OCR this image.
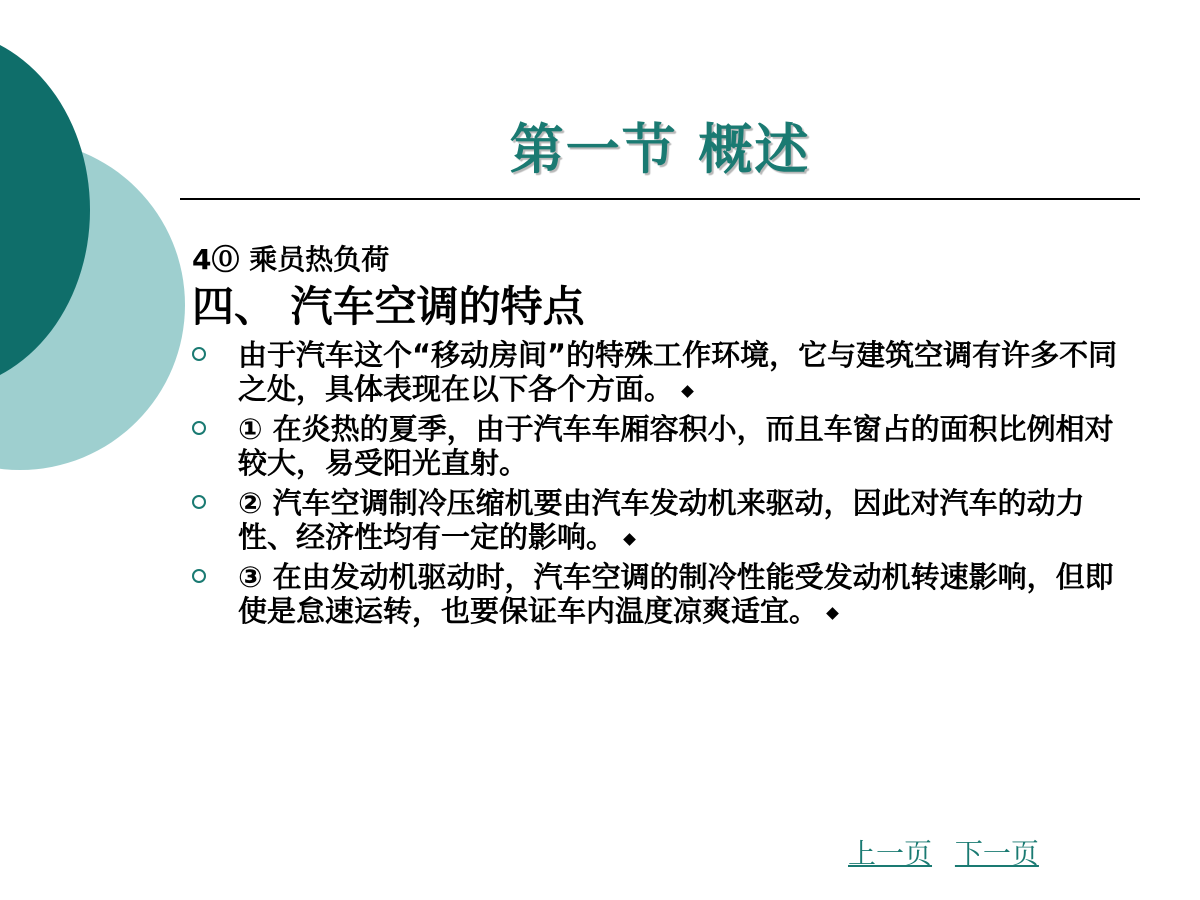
第一节 概述
4⓪ 乘员热负荷
四、 汽车空调的特点
由于汽车这个“移动房间”的特殊工作环境，它与建筑空调有许多不同之处，具体表现在以下各个方面。
① 在炎热的夏季，由于汽车车厢容积小，而且车窗占的面积比例相对较大，易受阳光直射。
② 汽车空调制冷压缩机要由汽车发动机来驱动，因此对汽车的动力性、经济性均有一定的影响。
③ 在由发动机驱动时，汽车空调的制冷性能受发动机转速影响，但即使是怠速运转，也要保证车内温度凉爽适宜。
上一页 下一页
